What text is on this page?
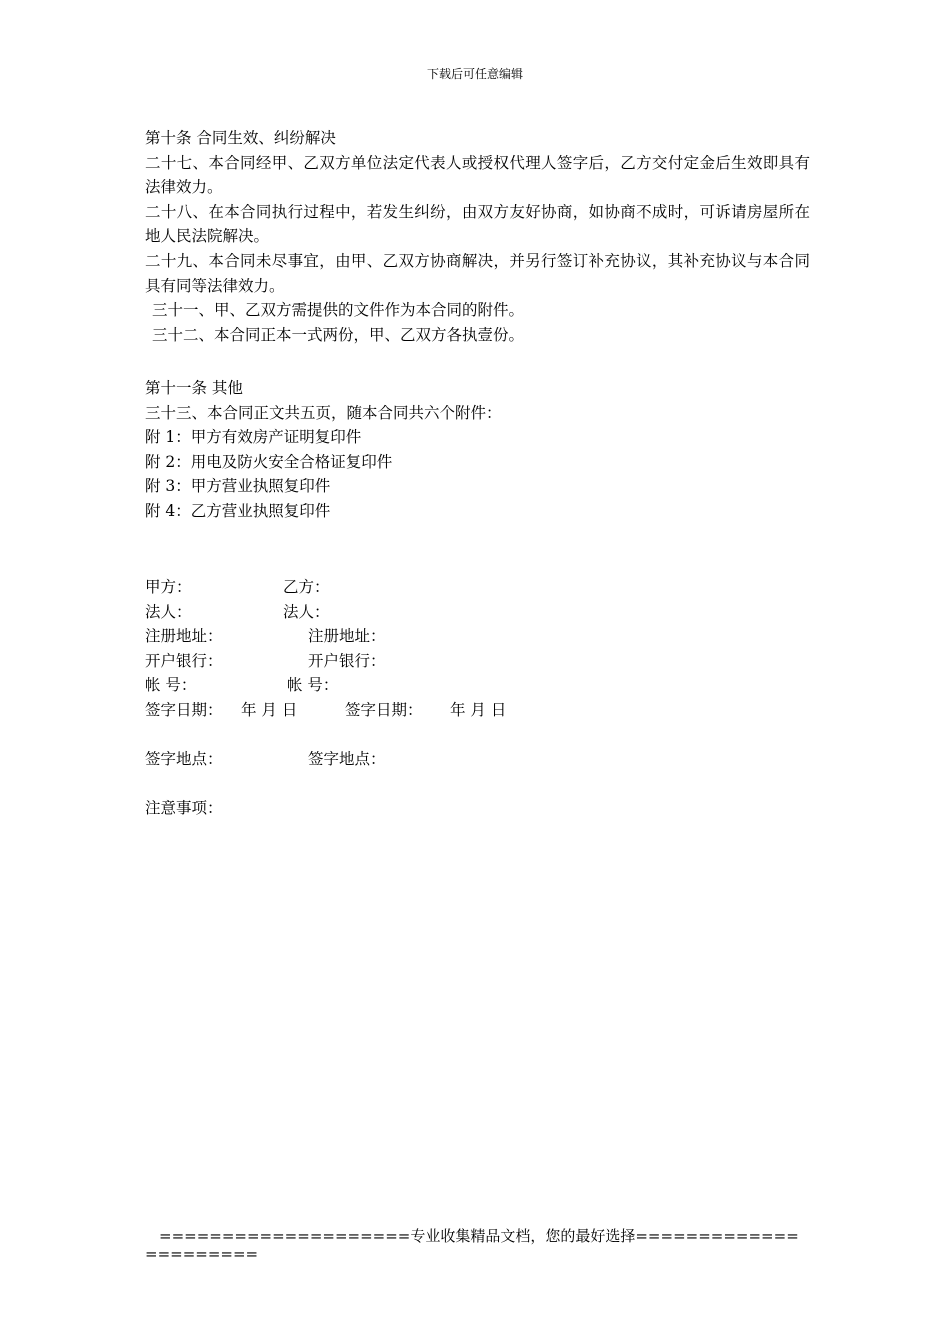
下载后可任意编辑
第十条 合同生效、纠纷解决
二十七、本合同经甲、乙双方单位法定代表人或授权代理人签字后，乙方交付定金后生效即具有法律效力。
二十八、在本合同执行过程中，若发生纠纷，由双方友好协商，如协商不成时，可诉请房屋所在地人民法院解决。
二十九、本合同未尽事宜，由甲、乙双方协商解决，并另行签订补充协议，其补充协议与本合同具有同等法律效力。
三十一、甲、乙双方需提供的文件作为本合同的附件。
三十二、本合同正本一式两份，甲、乙双方各执壹份。
第十一条 其他
三十三、本合同正文共五页，随本合同共六个附件：
附 1：甲方有效房产证明复印件
附 2：用电及防火安全合格证复印件
附 3：甲方营业执照复印件
附 4：乙方营业执照复印件
甲方：	乙方：
法人：	法人：
注册地址：	注册地址：
开户银行：	开户银行：
帐 号：	帐 号：
签字日期： 年 月 日	签字日期： 年 月 日
签字地点：	签字地点：
注意事项：
====================专业收集精品文档，您的最好选择======================
